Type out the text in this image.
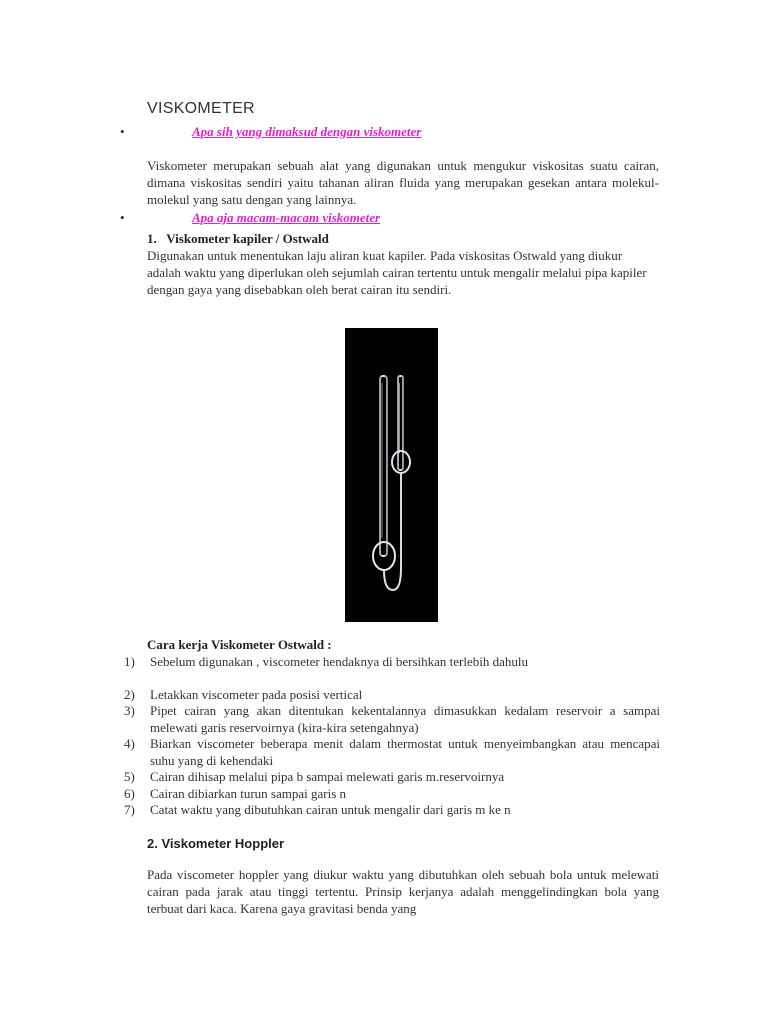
VISKOMETER
•	Apa sih yang dimaksud dengan viskometer

Viskometer merupakan sebuah alat yang digunakan untuk mengukur viskositas suatu cairan, dimana viskositas sendiri yaitu tahanan aliran fluida yang merupakan gesekan antara molekul-molekul yang satu dengan yang lainnya.

•	Apa aja macam-macam viskometer

1.   Viskometer kapiler / Ostwald

Digunakan untuk menentukan laju aliran kuat kapiler. Pada viskositas Ostwald yang diukur adalah waktu yang diperlukan oleh sejumlah cairan tertentu untuk mengalir melalui pipa kapiler dengan gaya yang disebabkan oleh berat cairan itu sendiri.

Cara kerja Viskometer Ostwald :

1) Sebelum digunakan , viscometer hendaknya di bersihkan terlebih dahulu
2) Letakkan viscometer pada posisi vertical
3) Pipet cairan yang akan ditentukan kekentalannya dimasukkan kedalam reservoir a sampai melewati garis reservoirnya (kira-kira setengahnya)
4) Biarkan viscometer beberapa menit dalam thermostat untuk menyeimbangkan atau mencapai suhu yang di kehendaki
5) Cairan dihisap melalui pipa b sampai melewati garis m.reservoirnya
6) Cairan dibiarkan turun sampai garis n
7) Catat waktu yang dibutuhkan cairan untuk mengalir dari garis m ke n

2. Viskometer Hoppler

Pada viscometer hoppler yang diukur waktu yang dibutuhkan oleh sebuah bola untuk melewati cairan pada jarak atau tinggi tertentu. Prinsip kerjanya adalah menggelindingkan bola yang terbuat dari kaca. Karena gaya gravitasi benda yang
